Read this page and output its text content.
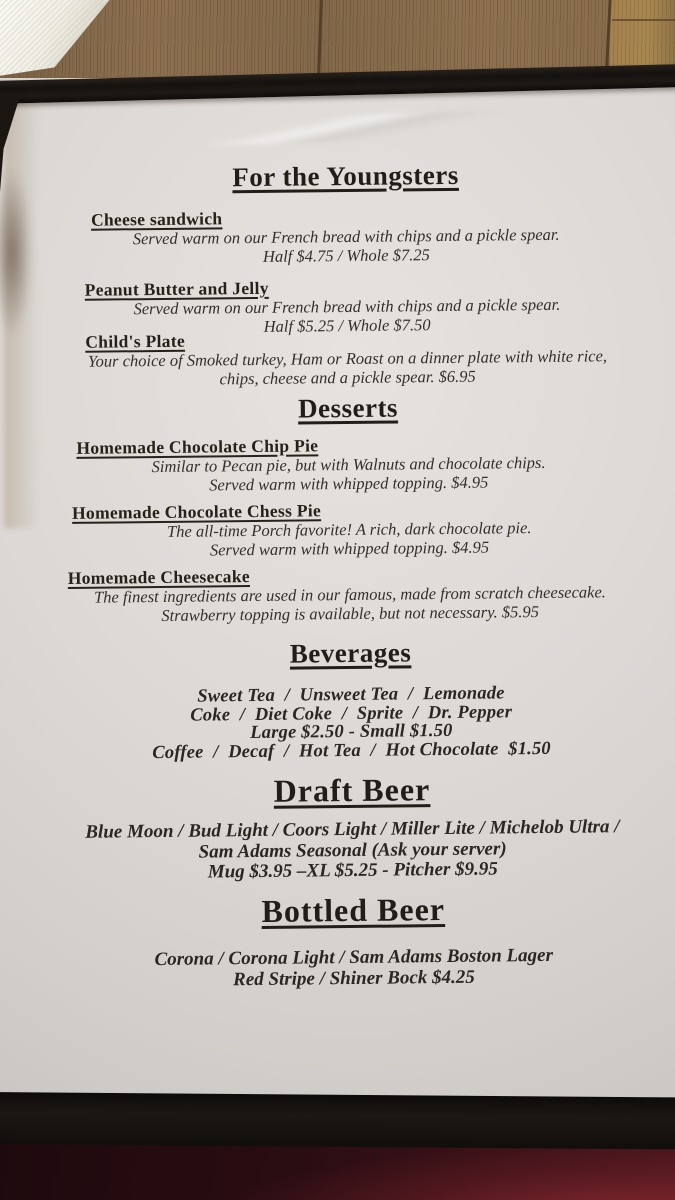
For the Youngsters
Cheese sandwich
Served warm on our French bread with chips and a pickle spear.
Half $4.75 / Whole $7.25
Peanut Butter and Jelly
Served warm on our French bread with chips and a pickle spear.
Half $5.25 / Whole $7.50
Child's Plate
Your choice of Smoked turkey, Ham or Roast on a dinner plate with white rice,
chips, cheese and a pickle spear. $6.95
Desserts
Homemade Chocolate Chip Pie
Similar to Pecan pie, but with Walnuts and chocolate chips.
Served warm with whipped topping. $4.95
Homemade Chocolate Chess Pie
The all-time Porch favorite! A rich, dark chocolate pie.
Served warm with whipped topping. $4.95
Homemade Cheesecake
The finest ingredients are used in our famous, made from scratch cheesecake.
Strawberry topping is available, but not necessary. $5.95
Beverages
Sweet Tea  /  Unsweet Tea  /  Lemonade
Coke  /  Diet Coke  /  Sprite  /  Dr. Pepper
Large $2.50 - Small $1.50
Coffee  /  Decaf  /  Hot Tea  /  Hot Chocolate  $1.50
Draft Beer
Blue Moon / Bud Light / Coors Light / Miller Lite / Michelob Ultra /
Sam Adams Seasonal (Ask your server)
Mug $3.95 –XL $5.25 - Pitcher $9.95
Bottled Beer
Corona / Corona Light / Sam Adams Boston Lager
Red Stripe / Shiner Bock $4.25
